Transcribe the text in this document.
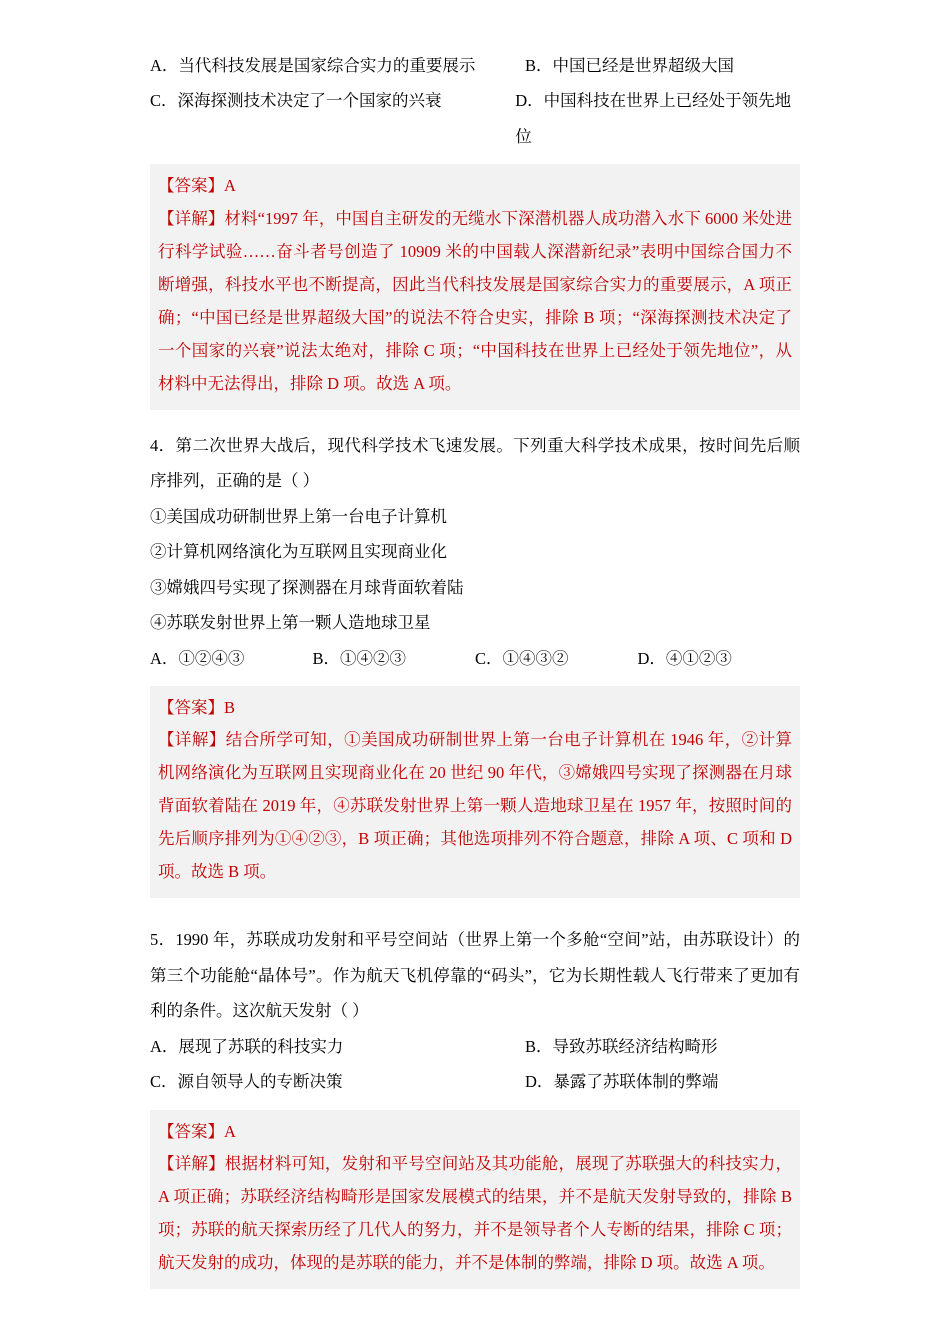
A．当代科技发展是国家综合实力的重要展示	B．中国已经是世界超级大国
C．深海探测技术决定了一个国家的兴衰	D．中国科技在世界上已经处于领先地位
【答案】A
【详解】材料“1997 年，中国自主研发的无缆水下深潜机器人成功潜入水下 6000 米处进行科学试验……奋斗者号创造了 10909 米的中国载人深潜新纪录”表明中国综合国力不断增强，科技水平也不断提高，因此当代科技发展是国家综合实力的重要展示，A 项正确；“中国已经是世界超级大国”的说法不符合史实，排除 B 项；“深海探测技术决定了一个国家的兴衰”说法太绝对，排除 C 项；“中国科技在世界上已经处于领先地位”，从材料中无法得出，排除 D 项。故选 A 项。
4．第二次世界大战后，现代科学技术飞速发展。下列重大科学技术成果，按时间先后顺序排列，正确的是（ ）
①美国成功研制世界上第一台电子计算机
②计算机网络演化为互联网且实现商业化
③嫦娥四号实现了探测器在月球背面软着陆
④苏联发射世界上第一颗人造地球卫星
A．①②④③	B．①④②③	C．①④③②	D．④①②③
【答案】B
【详解】结合所学可知，①美国成功研制世界上第一台电子计算机在 1946 年，②计算机网络演化为互联网且实现商业化在 20 世纪 90 年代，③嫦娥四号实现了探测器在月球背面软着陆在 2019 年，④苏联发射世界上第一颗人造地球卫星在 1957 年，按照时间的先后顺序排列为①④②③，B 项正确；其他选项排列不符合题意，排除 A 项、C 项和 D 项。故选 B 项。
5．1990 年，苏联成功发射和平号空间站（世界上第一个多舱“空间”站，由苏联设计）的第三个功能舱“晶体号”。作为航天飞机停靠的“码头”，它为长期性载人飞行带来了更加有利的条件。这次航天发射（ ）
A．展现了苏联的科技实力	B．导致苏联经济结构畸形
C．源自领导人的专断决策	D．暴露了苏联体制的弊端
【答案】A
【详解】根据材料可知，发射和平号空间站及其功能舱，展现了苏联强大的科技实力，A 项正确；苏联经济结构畸形是国家发展模式的结果，并不是航天发射导致的，排除 B 项；苏联的航天探索历经了几代人的努力，并不是领导者个人专断的结果，排除 C 项；航天发射的成功，体现的是苏联的能力，并不是体制的弊端，排除 D 项。故选 A 项。
